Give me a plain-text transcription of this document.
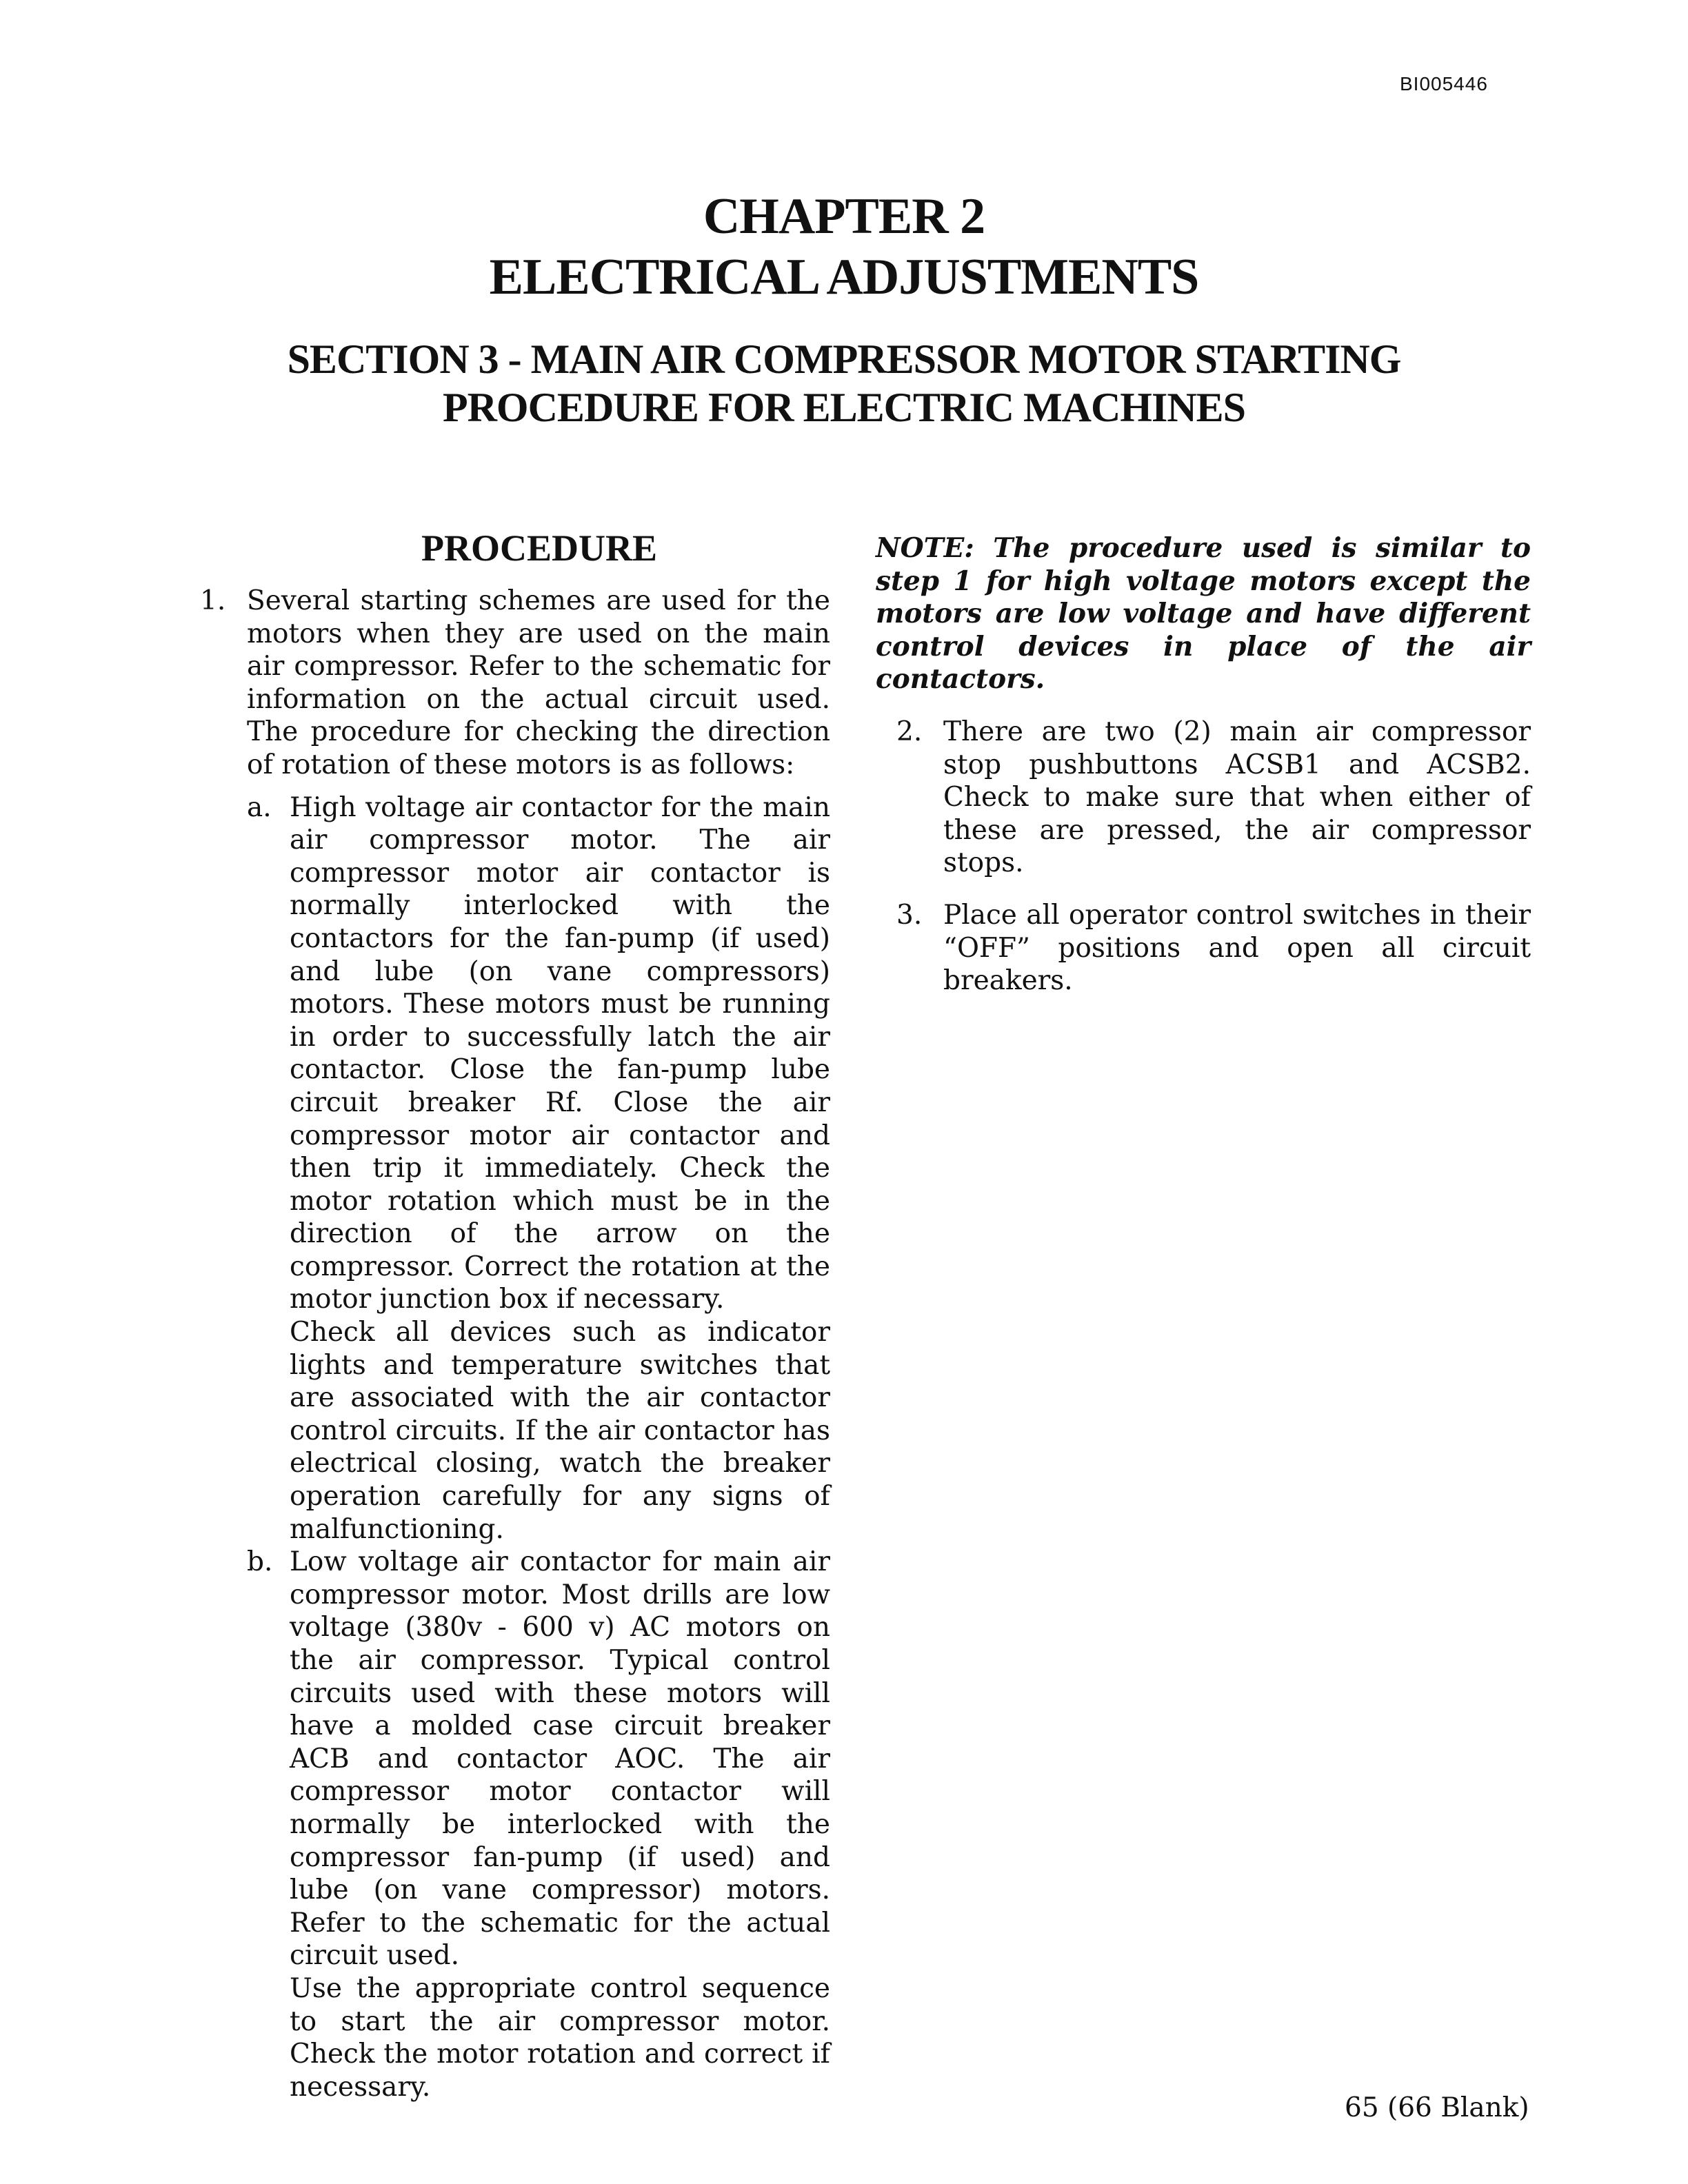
BI005446
CHAPTER 2
ELECTRICAL ADJUSTMENTS
SECTION 3 - MAIN AIR COMPRESSOR MOTOR STARTING
PROCEDURE FOR ELECTRIC MACHINES
PROCEDURE
1. Several starting schemes are used for the motors when they are used on the main air compressor. Refer to the schematic for information on the actual circuit used. The procedure for checking the direction of rotation of these motors is as follows:
a. High voltage air contactor for the main air compressor motor. The air compressor motor air contactor is normally interlocked with the contactors for the fan-pump (if used) and lube (on vane compressors) motors. These motors must be running in order to successfully latch the air contactor. Close the fan-pump lube circuit breaker Rf. Close the air compressor motor air contactor and then trip it immediately. Check the motor rotation which must be in the direction of the arrow on the compressor. Correct the rotation at the motor junction box if necessary.
Check all devices such as indicator lights and temperature switches that are associated with the air contactor control circuits. If the air contactor has electrical closing, watch the breaker operation carefully for any signs of malfunctioning.
b. Low voltage air contactor for main air compressor motor. Most drills are low voltage (380v - 600 v) AC motors on the air compressor. Typical control circuits used with these motors will have a molded case circuit breaker ACB and contactor AOC. The air compressor motor contactor will normally be interlocked with the compressor fan-pump (if used) and lube (on vane compressor) motors. Refer to the schematic for the actual circuit used.
Use the appropriate control sequence to start the air compressor motor. Check the motor rotation and correct if necessary.
NOTE: The procedure used is similar to step 1 for high voltage motors except the motors are low voltage and have different control devices in place of the air contactors.
2. There are two (2) main air compressor stop pushbuttons ACSB1 and ACSB2. Check to make sure that when either of these are pressed, the air compressor stops.
3. Place all operator control switches in their “OFF” positions and open all circuit breakers.
65 (66 Blank)
